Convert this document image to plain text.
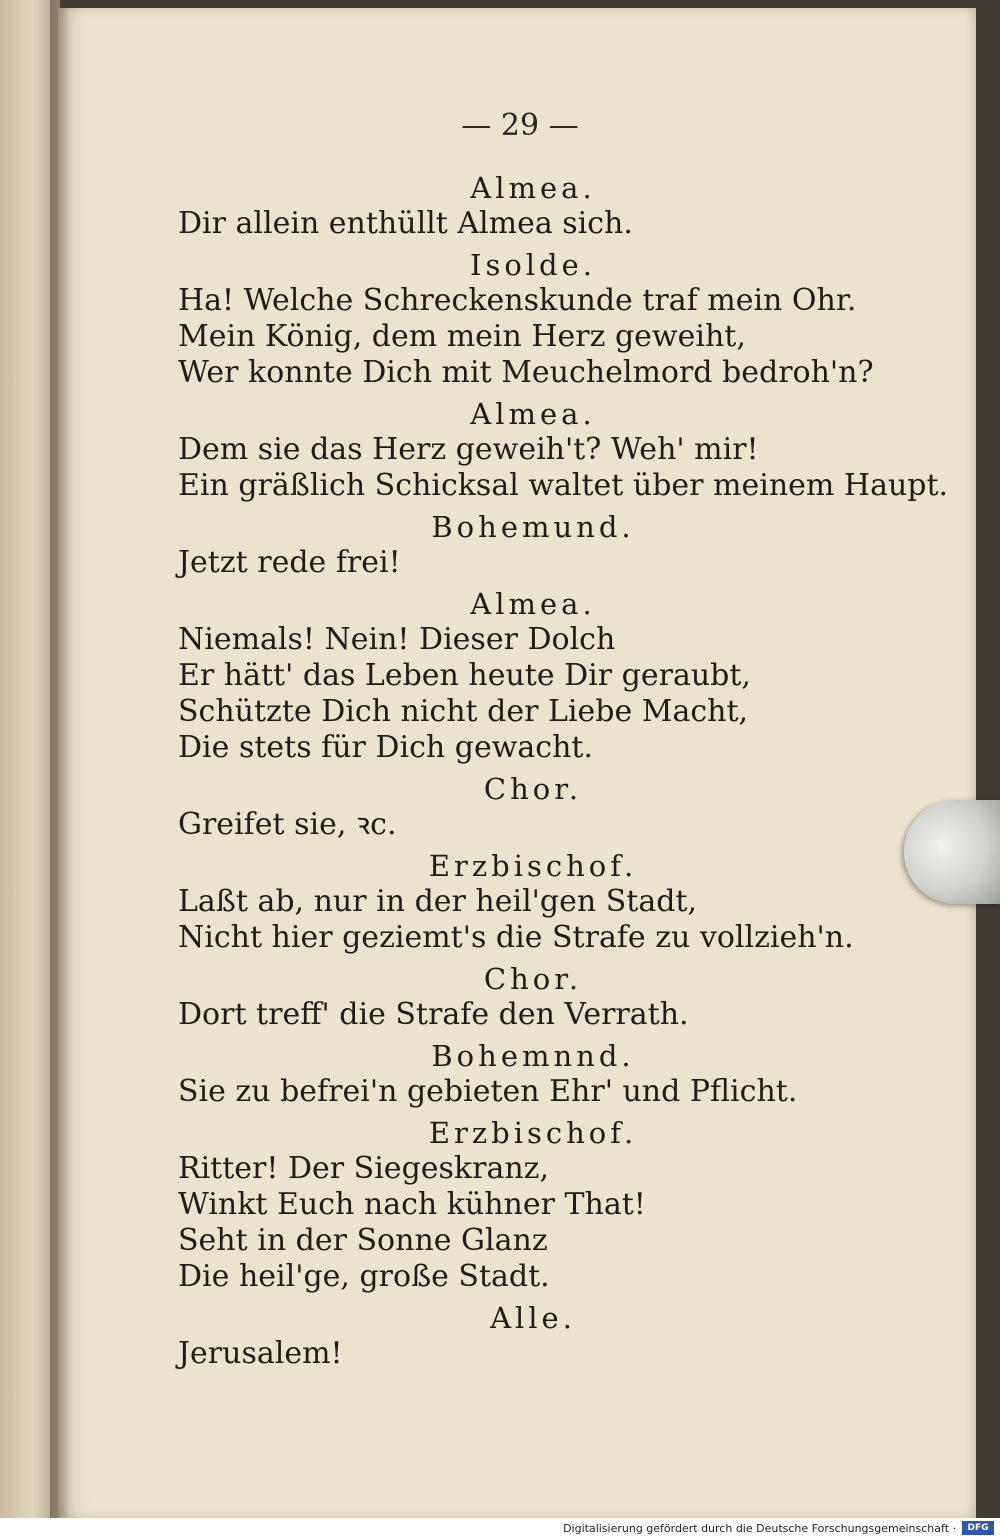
— 29 —
Almea.
Dir allein enthüllt Almea sich.
Isolde.
Ha! Welche Schreckenskunde traf mein Ohr.
Mein König, dem mein Herz geweiht,
Wer konnte Dich mit Meuchelmord bedroh'n?
Almea.
Dem sie das Herz geweih't? Weh' mir!
Ein gräßlich Schicksal waltet über meinem Haupt.
Bohemund.
Jetzt rede frei!
Almea.
Niemals! Nein! Dieser Dolch
Er hätt' das Leben heute Dir geraubt,
Schützte Dich nicht der Liebe Macht,
Die stets für Dich gewacht.
Chor.
Greifet sie, ꝛc.
Erzbischof.
Laßt ab, nur in der heil'gen Stadt,
Nicht hier geziemt's die Strafe zu vollzieh'n.
Chor.
Dort treff' die Strafe den Verrath.
Bohemnnd.
Sie zu befrei'n gebieten Ehr' und Pflicht.
Erzbischof.
Ritter! Der Siegeskranz,
Winkt Euch nach kühner That!
Seht in der Sonne Glanz
Die heil'ge, große Stadt.
Alle.
Jerusalem!
Digitalisierung gefördert durch die Deutsche Forschungsgemeinschaft ·	DFG
